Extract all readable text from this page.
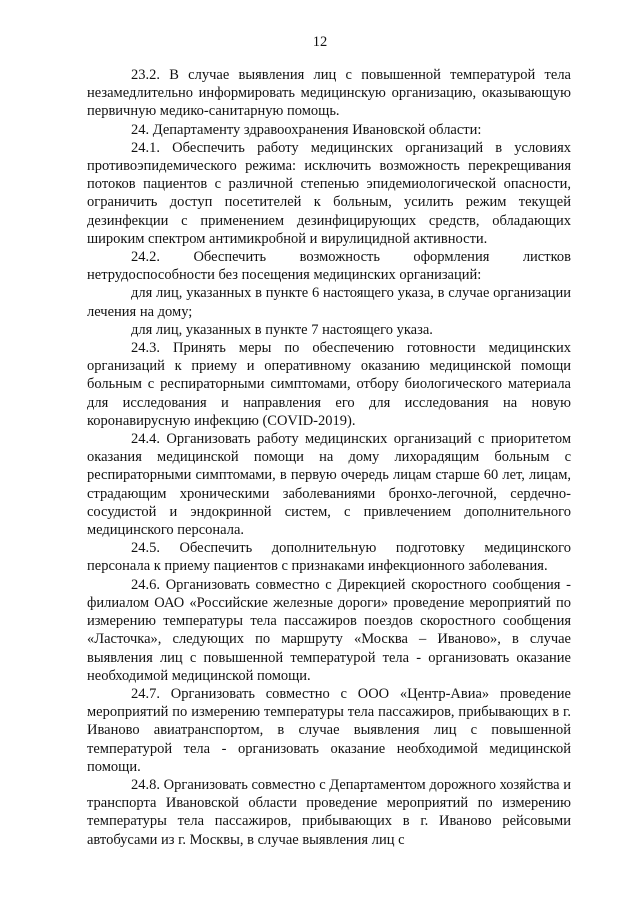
12

23.2. В случае выявления лиц с повышенной температурой тела незамедлительно информировать медицинскую организацию, оказывающую первичную медико-санитарную помощь.

24. Департаменту здравоохранения Ивановской области:

24.1. Обеспечить работу медицинских организаций в условиях противоэпидемического режима: исключить возможность перекрещивания потоков пациентов с различной степенью эпидемиологической опасности, ограничить доступ посетителей к больным, усилить режим текущей дезинфекции с применением дезинфицирующих средств, обладающих широким спектром антимикробной и вирулицидной активности.

24.2. Обеспечить возможность оформления листков нетрудоспособности без посещения медицинских организаций:

для лиц, указанных в пункте 6 настоящего указа, в случае организации лечения на дому;

для лиц, указанных в пункте 7 настоящего указа.

24.3. Принять меры по обеспечению готовности медицинских организаций к приему и оперативному оказанию медицинской помощи больным с респираторными симптомами, отбору биологического материала для исследования и направления его для исследования на новую коронавирусную инфекцию (COVID-2019).

24.4. Организовать работу медицинских организаций с приоритетом оказания медицинской помощи на дому лихорадящим больным с респираторными симптомами, в первую очередь лицам старше 60 лет, лицам, страдающим хроническими заболеваниями бронхо-легочной, сердечно-сосудистой и эндокринной систем, с привлечением дополнительного медицинского персонала.

24.5. Обеспечить дополнительную подготовку медицинского персонала к приему пациентов с признаками инфекционного заболевания.

24.6. Организовать совместно с Дирекцией скоростного сообщения - филиалом ОАО «Российские железные дороги» проведение мероприятий по измерению температуры тела пассажиров поездов скоростного сообщения «Ласточка», следующих по маршруту «Москва – Иваново», в случае выявления лиц с повышенной температурой тела - организовать оказание необходимой медицинской помощи.

24.7. Организовать совместно с ООО «Центр-Авиа» проведение мероприятий по измерению температуры тела пассажиров, прибывающих в г. Иваново авиатранспортом, в случае выявления лиц с повышенной температурой тела - организовать оказание необходимой медицинской помощи.

24.8. Организовать совместно с Департаментом дорожного хозяйства и транспорта Ивановской области проведение мероприятий по измерению температуры тела пассажиров, прибывающих в г. Иваново рейсовыми автобусами из г. Москвы, в случае выявления лиц с
